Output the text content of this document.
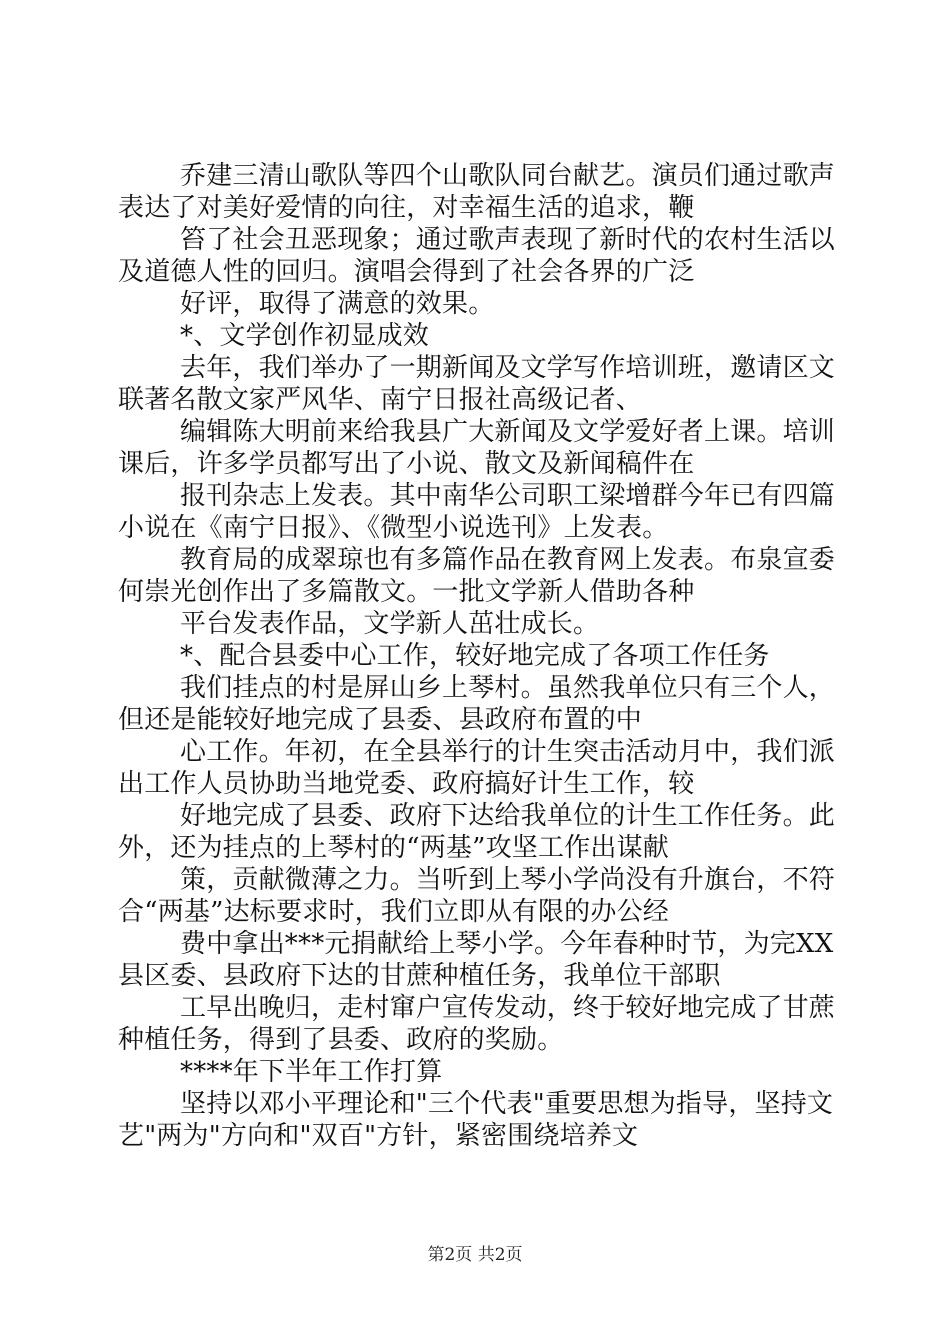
乔建三清山歌队等四个山歌队同台献艺。演员们通过歌声
表达了对美好爱情的向往，对幸福生活的追求，鞭
笞了社会丑恶现象；通过歌声表现了新时代的农村生活以
及道德人性的回归。演唱会得到了社会各界的广泛
好评，取得了满意的效果。
*、文学创作初显成效
去年，我们举办了一期新闻及文学写作培训班，邀请区文
联著名散文家严风华、南宁日报社高级记者、
编辑陈大明前来给我县广大新闻及文学爱好者上课。培训
课后，许多学员都写出了小说、散文及新闻稿件在
报刊杂志上发表。其中南华公司职工梁增群今年已有四篇
小说在《南宁日报》、《微型小说选刊》上发表。
教育局的成翠琼也有多篇作品在教育网上发表。布泉宣委
何崇光创作出了多篇散文。一批文学新人借助各种
平台发表作品，文学新人茁壮成长。
*、配合县委中心工作，较好地完成了各项工作任务
我们挂点的村是屏山乡上琴村。虽然我单位只有三个人，
但还是能较好地完成了县委、县政府布置的中
心工作。年初，在全县举行的计生突击活动月中，我们派
出工作人员协助当地党委、政府搞好计生工作，较
好地完成了县委、政府下达给我单位的计生工作任务。此
外，还为挂点的上琴村的“两基”攻坚工作出谋献
策，贡献微薄之力。当听到上琴小学尚没有升旗台，不符
合“两基”达标要求时，我们立即从有限的办公经
费中拿出***元捐献给上琴小学。今年春种时节，为完XX
县区委、县政府下达的甘蔗种植任务，我单位干部职
工早出晚归，走村窜户宣传发动，终于较好地完成了甘蔗
种植任务，得到了县委、政府的奖励。
****年下半年工作打算
坚持以邓小平理论和"三个代表"重要思想为指导，坚持文
艺"两为"方向和"双百"方针，紧密围绕培养文
第2页 共2页
